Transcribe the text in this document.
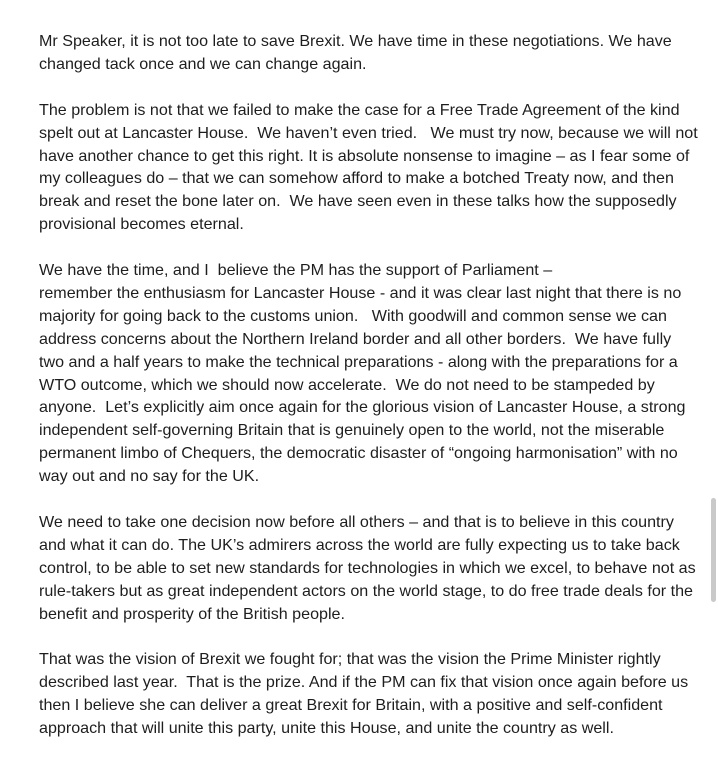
Mr Speaker, it is not too late to save Brexit. We have time in these negotiations. We have
changed tack once and we can change again.

The problem is not that we failed to make the case for a Free Trade Agreement of the kind
spelt out at Lancaster House.  We haven’t even tried.   We must try now, because we will not
have another chance to get this right. It is absolute nonsense to imagine – as I fear some of
my colleagues do – that we can somehow afford to make a botched Treaty now, and then
break and reset the bone later on.  We have seen even in these talks how the supposedly
provisional becomes eternal.

We have the time, and I  believe the PM has the support of Parliament –
remember the enthusiasm for Lancaster House - and it was clear last night that there is no
majority for going back to the customs union.   With goodwill and common sense we can
address concerns about the Northern Ireland border and all other borders.  We have fully
two and a half years to make the technical preparations - along with the preparations for a
WTO outcome, which we should now accelerate.  We do not need to be stampeded by
anyone.  Let’s explicitly aim once again for the glorious vision of Lancaster House, a strong
independent self-governing Britain that is genuinely open to the world, not the miserable
permanent limbo of Chequers, the democratic disaster of “ongoing harmonisation” with no
way out and no say for the UK.

We need to take one decision now before all others – and that is to believe in this country
and what it can do. The UK’s admirers across the world are fully expecting us to take back
control, to be able to set new standards for technologies in which we excel, to behave not as
rule-takers but as great independent actors on the world stage, to do free trade deals for the
benefit and prosperity of the British people.

That was the vision of Brexit we fought for; that was the vision the Prime Minister rightly
described last year.  That is the prize. And if the PM can fix that vision once again before us
then I believe she can deliver a great Brexit for Britain, with a positive and self-confident
approach that will unite this party, unite this House, and unite the country as well.
